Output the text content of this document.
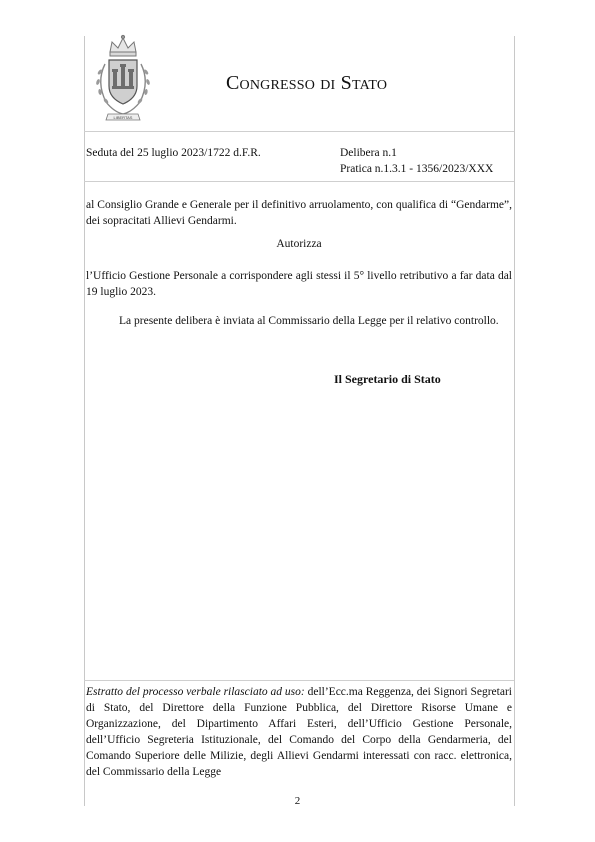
LIBERTAS
Congresso di Stato
Seduta del 25 luglio 2023/1722 d.F.R.	Delibera n.1
Pratica n.1.3.1 - 1356/2023/XXX

al Consiglio Grande e Generale per il definitivo arruolamento, con qualifica di “Gendarme”, dei sopracitati Allievi Gendarmi.

Autorizza

l’Ufficio Gestione Personale a corrispondere agli stessi il 5° livello retributivo a far data dal 19 luglio 2023.

La presente delibera è inviata al Commissario della Legge per il relativo controllo.

Il Segretario di Stato
Estratto del processo verbale rilasciato ad uso: dell’Ecc.ma Reggenza, dei Signori Segretari di Stato, del Direttore della Funzione Pubblica, del Direttore Risorse Umane e Organizzazione, del Dipartimento Affari Esteri, dell’Ufficio Gestione Personale, dell’Ufficio Segreteria Istituzionale, del Comando del Corpo della Gendarmeria, del Comando Superiore delle Milizie, degli Allievi Gendarmi interessati con racc. elettronica, del Commissario della Legge
2
